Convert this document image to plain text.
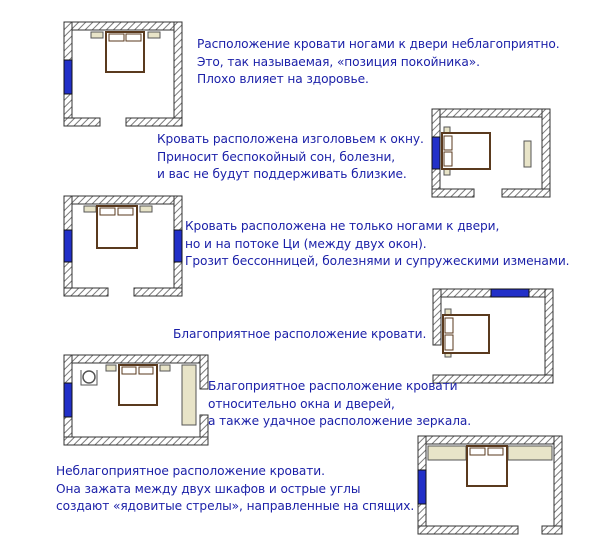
Расположение кровати ногами к двери неблагоприятно.
Это, так называемая, «позиция покойника».
Плохо влияет на здоровье.

Кровать расположена изголовьем к окну.
Приносит беспокойный сон, болезни,
и вас не будут поддерживать близкие.

Кровать расположена не только ногами к двери,
но и на потоке Ци (между двух окон).
Грозит бессонницей, болезнями и супружескими изменами.

Благоприятное расположение кровати.

Благоприятное расположение кровати
относительно окна и дверей,
а также удачное расположение зеркала.

Неблагоприятное расположение кровати.
Она зажата между двух шкафов и острые углы
создают «ядовитые стрелы», направленные на спящих.
